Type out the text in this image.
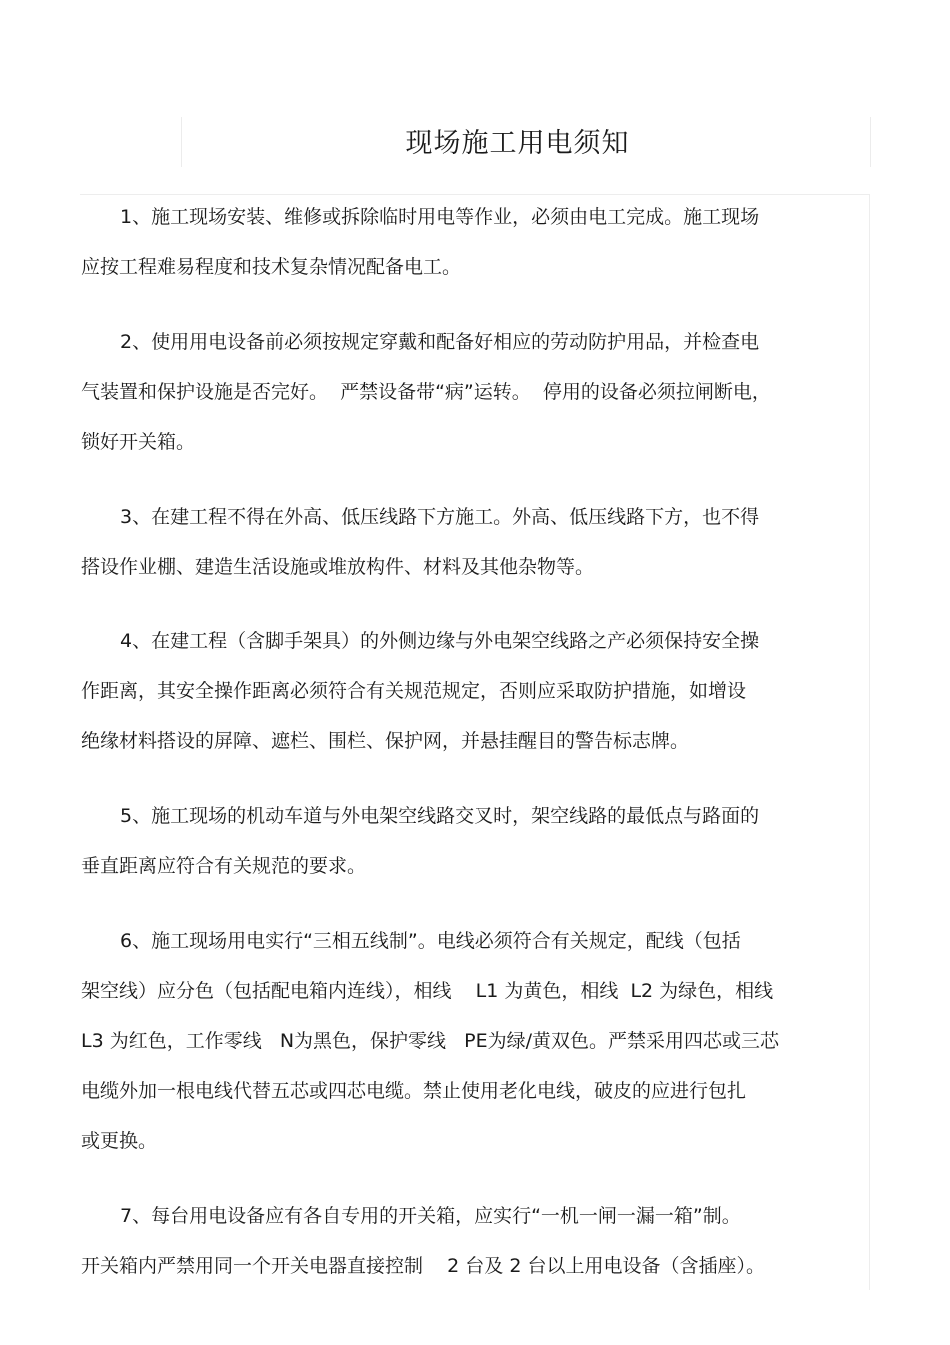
现场施工用电须知

1、施工现场安装、维修或拆除临时用电等作业，必须由电工完成。施工现场
应按工程难易程度和技术复杂情况配备电工。

2、使用用电设备前必须按规定穿戴和配备好相应的劳动防护用品，并检查电
气装置和保护设施是否完好。  严禁设备带“病”运转。  停用的设备必须拉闸断电，
锁好开关箱。

3、在建工程不得在外高、低压线路下方施工。外高、低压线路下方，也不得
搭设作业棚、建造生活设施或堆放构件、材料及其他杂物等。

4、在建工程（含脚手架具）的外侧边缘与外电架空线路之产必须保持安全操
作距离，其安全操作距离必须符合有关规范规定，否则应采取防护措施，如增设
绝缘材料搭设的屏障、遮栏、围栏、保护网，并悬挂醒目的警告标志牌。

5、施工现场的机动车道与外电架空线路交叉时，架空线路的最低点与路面的
垂直距离应符合有关规范的要求。

6、施工现场用电实行“三相五线制”。电线必须符合有关规定，配线（包括
架空线）应分色（包括配电箱内连线），相线    L1 为黄色，相线  L2 为绿色，相线
L3 为红色，工作零线   N为黑色，保护零线   PE为绿/黄双色。严禁采用四芯或三芯
电缆外加一根电线代替五芯或四芯电缆。禁止使用老化电线，破皮的应进行包扎
或更换。

7、每台用电设备应有各自专用的开关箱，应实行“一机一闸一漏一箱”制。
开关箱内严禁用同一个开关电器直接控制    2 台及 2 台以上用电设备（含插座）。
